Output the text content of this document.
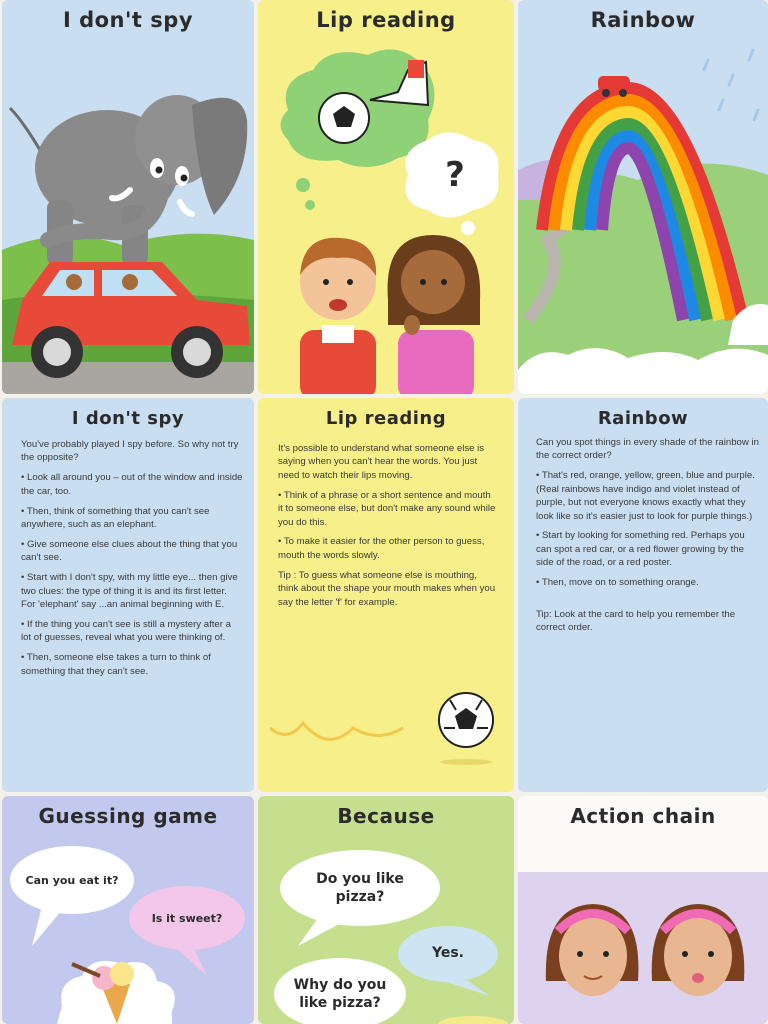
I don't spy	Lip reading
?
Rainbow
I don't spy

You've probably played I spy before. So why not try the opposite?

• Look all around you – out of the window and inside the car, too.

• Then, think of something that you can't see anywhere, such as an elephant.

• Give someone else clues about the thing that you can't see.

• Start with I don't spy, with my little eye... then give two clues: the type of thing it is and its first letter. For 'elephant' say ...an animal beginning with E.

• If the thing you can't see is still a mystery after a lot of guesses, reveal what you were thinking of.

• Then, someone else takes a turn to think of something that they can't see.

Lip reading

It's possible to understand what someone else is saying when you can't hear the words. You just need to watch their lips moving.

• Think of a phrase or a short sentence and mouth it to someone else, but don't make any sound while you do this.

• To make it easier for the other person to guess, mouth the words slowly.

Tip : To guess what someone else is mouthing, think about the shape your mouth makes when you say the letter 'f' for example.

Rainbow

Can you spot things in every shade of the rainbow in the correct order?

• That's red, orange, yellow, green, blue and purple. (Real rainbows have indigo and violet instead of purple, but not everyone knows exactly what they look like so it's easier just to look for purple things.)

• Start by looking for something red. Perhaps you can spot a red car, or a red flower growing by the side of the road, or a red poster.

• Then, move on to something orange.

Tip: Look at the card to help you remember the correct order.

Guessing game
Can you eat it?
Is it sweet?
Because
Do you like pizza?
Yes.
Why do you like pizza?
Action chain
